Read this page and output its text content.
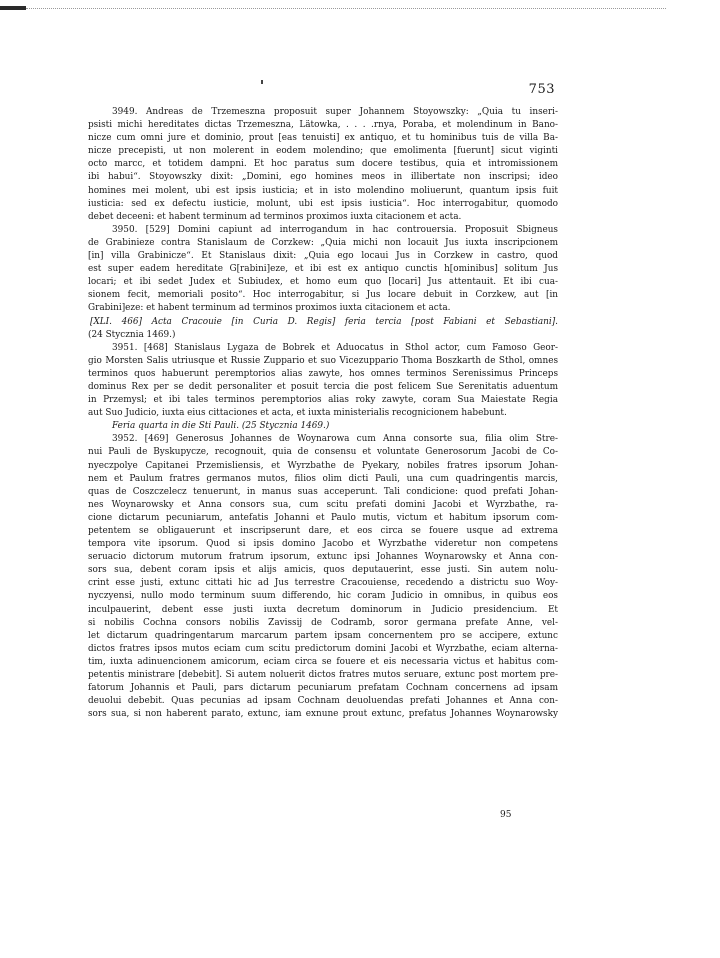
753
3949. Andreas de Trzemeszna proposuit super Johannem Stoyowszky: „Quia tu inseri-
psisti michi hereditates dictas Trzemeszna, Lätowka, . . . .rnya, Poraba, et molendinum in Bano-
nicze cum omni jure et dominio, prout [eas tenuisti] ex antiquo, et tu hominibus tuis de villa Ba-
nicze precepisti, ut non molerent in eodem molendino; que emolimenta [fuerunt] sicut viginti
octo marcc, et totidem dampni. Et hoc paratus sum docere testibus, quia et intromissionem
ibi habui“. Stoyowszky dixit: „Domini, ego homines meos in illibertate non inscripsi; ideo
homines mei molent, ubi est ipsis iusticia; et in isto molendino moliuerunt, quantum ipsis fuit
iusticia: sed ex defectu iusticie, molunt, ubi est ipsis iusticia“. Hoc interrogabitur, quomodo
debet deceeni: et habent terminum ad terminos proximos iuxta citacionem et acta.
3950. [529] Domini capiunt ad interrogandum in hac controuersia. Proposuit Sbigneus
de Grabinieze contra Stanislaum de Corzkew: „Quia michi non locauit Jus iuxta inscripcionem
[in] villa Grabinicze“. Et Stanislaus dixit: „Quia ego locaui Jus in Corzkew in castro, quod
est super eadem hereditate G[rabini]eze, et ibi est ex antiquo cunctis h[ominibus] solitum Jus
locari; et ibi sedet Judex et Subiudex, et homo eum quo [locari] Jus attentauit. Et ibi cua-
sionem fecit, memoriali posito“. Hoc interrogabitur, si Jus locare debuit in Corzkew, aut [in
Grabini]eze: et habent terminum ad terminos proximos iuxta citacionem et acta.
[XLI. 466] Acta Cracouie [in Curia D. Regis] feria tercia [post Fabiani et Sebastiani].
(24 Stycznia 1469.)
3951. [468] Stanislaus Lygaza de Bobrek et Aduocatus in Sthol actor, cum Famoso Geor-
gio Morsten Salis utriusque et Russie Zuppario et suo Vicezuppario Thoma Boszkarth de Sthol, omnes
terminos quos habuerunt peremptorios alias zawyte, hos omnes terminos Serenissimus Princeps
dominus Rex per se dedit personaliter et posuit tercia die post felicem Sue Serenitatis aduentum
in Przemysl; et ibi tales terminos peremptorios alias roky zawyte, coram Sua Maiestate Regia
aut Suo Judicio, iuxta eius cittaciones et acta, et iuxta ministerialis recognicionem habebunt.
Feria quarta in die Sti Pauli. (25 Stycznia 1469.)
3952. [469] Generosus Johannes de Woynarowa cum Anna consorte sua, filia olim Stre-
nui Pauli de Byskupycze, recognouit, quia de consensu et voluntate Generosorum Jacobi de Co-
nyeczpolye Capitanei Przemisliensis, et Wyrzbathe de Pyekary, nobiles fratres ipsorum Johan-
nem et Paulum fratres germanos mutos, filios olim dicti Pauli, una cum quadringentis marcis,
quas de Coszczelecz tenuerunt, in manus suas acceperunt. Tali condicione: quod prefati Johan-
nes Woynarowsky et Anna consors sua, cum scitu prefati domini Jacobi et Wyrzbathe, ra-
cione dictarum pecuniarum, antefatis Johanni et Paulo mutis, victum et habitum ipsorum com-
petentem se obligauerunt et inscripserunt dare, et eos circa se fouere usque ad extrema
tempora vite ipsorum. Quod si ipsis domino Jacobo et Wyrzbathe videretur non competens
seruacio dictorum mutorum fratrum ipsorum, extunc ipsi Johannes Woynarowsky et Anna con-
sors sua, debent coram ipsis et alijs amicis, quos deputauerint, esse justi. Sin autem nolu-
crint esse justi, extunc cittati hic ad Jus terrestre Cracouiense, recedendo a districtu suo Woy-
nyczyensi, nullo modo terminum suum differendo, hic coram Judicio in omnibus, in quibus eos
inculpauerint, debent esse justi iuxta decretum dominorum in Judicio presidencium. Et
si nobilis Cochna consors nobilis Zavissij de Codramb, soror germana prefate Anne, vel-
let dictarum quadringentarum marcarum partem ipsam concernentem pro se accipere, extunc
dictos fratres ipsos mutos eciam cum scitu predictorum domini Jacobi et Wyrzbathe, eciam alterna-
tim, iuxta adinuencionem amicorum, eciam circa se fouere et eis necessaria victus et habitus com-
petentis ministrare [debebit]. Si autem noluerit dictos fratres mutos seruare, extunc post mortem pre-
fatorum Johannis et Pauli, pars dictarum pecuniarum prefatam Cochnam concernens ad ipsam
deuolui debebit. Quas pecunias ad ipsam Cochnam deuoluendas prefati Johannes et Anna con-
sors sua, si non haberent parato, extunc, iam exnune prout extunc, prefatus Johannes Woynarowsky
95
